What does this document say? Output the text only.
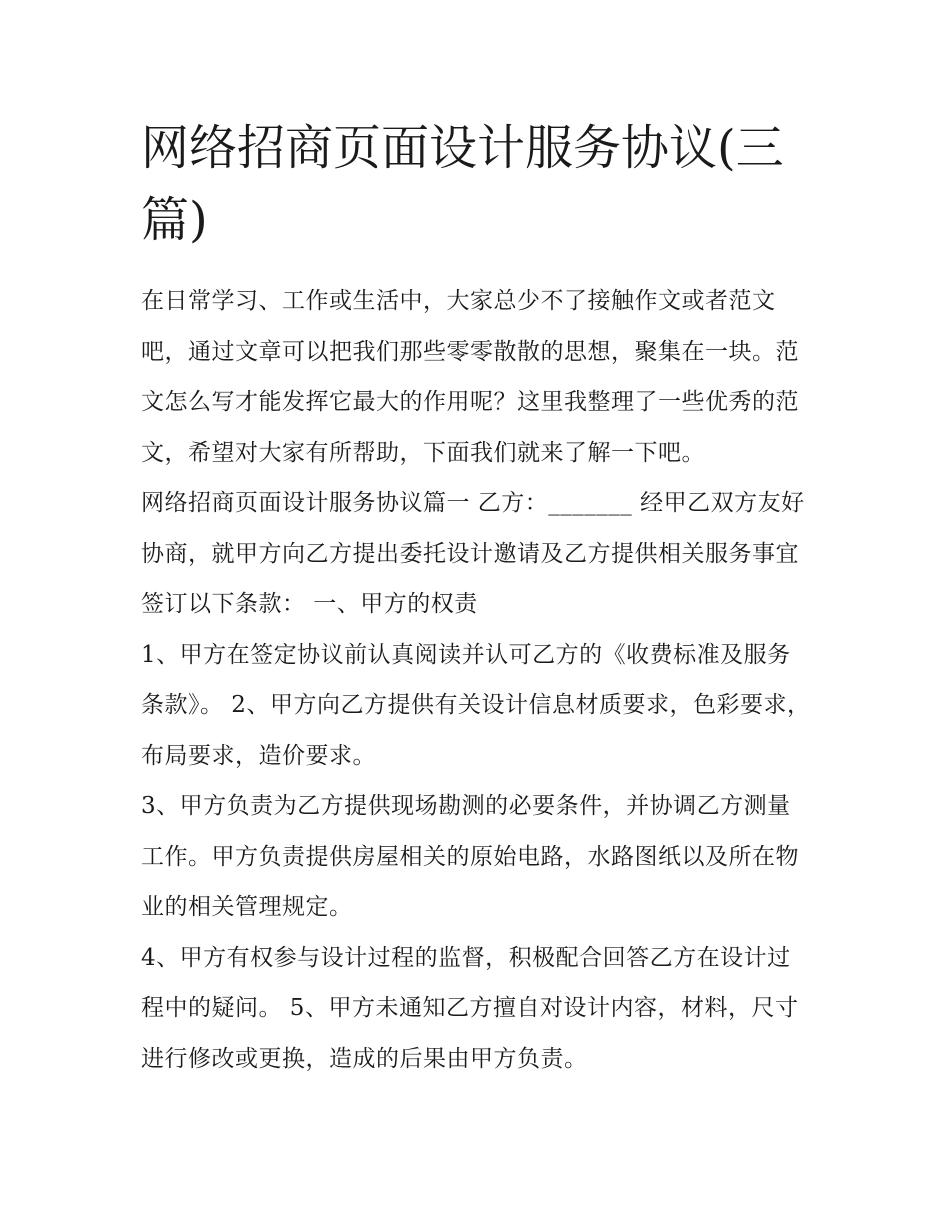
网络招商页面设计服务协议(三篇)

在日常学习、工作或生活中，大家总少不了接触作文或者范文吧，通过文章可以把我们那些零零散散的思想，聚集在一块。范文怎么写才能发挥它最大的作用呢？这里我整理了一些优秀的范文，希望对大家有所帮助，下面我们就来了解一下吧。

网络招商页面设计服务协议篇一 乙方：_______ 经甲乙双方友好协商，就甲方向乙方提出委托设计邀请及乙方提供相关服务事宜签订以下条款： 一、甲方的权责

1、甲方在签定协议前认真阅读并认可乙方的《收费标准及服务条款》。 2、甲方向乙方提供有关设计信息材质要求，色彩要求，布局要求，造价要求。

3、甲方负责为乙方提供现场勘测的必要条件，并协调乙方测量工作。甲方负责提供房屋相关的原始电路，水路图纸以及所在物业的相关管理规定。

4、甲方有权参与设计过程的监督，积极配合回答乙方在设计过程中的疑问。 5、甲方未通知乙方擅自对设计内容，材料，尺寸进行修改或更换，造成的后果由甲方负责。
